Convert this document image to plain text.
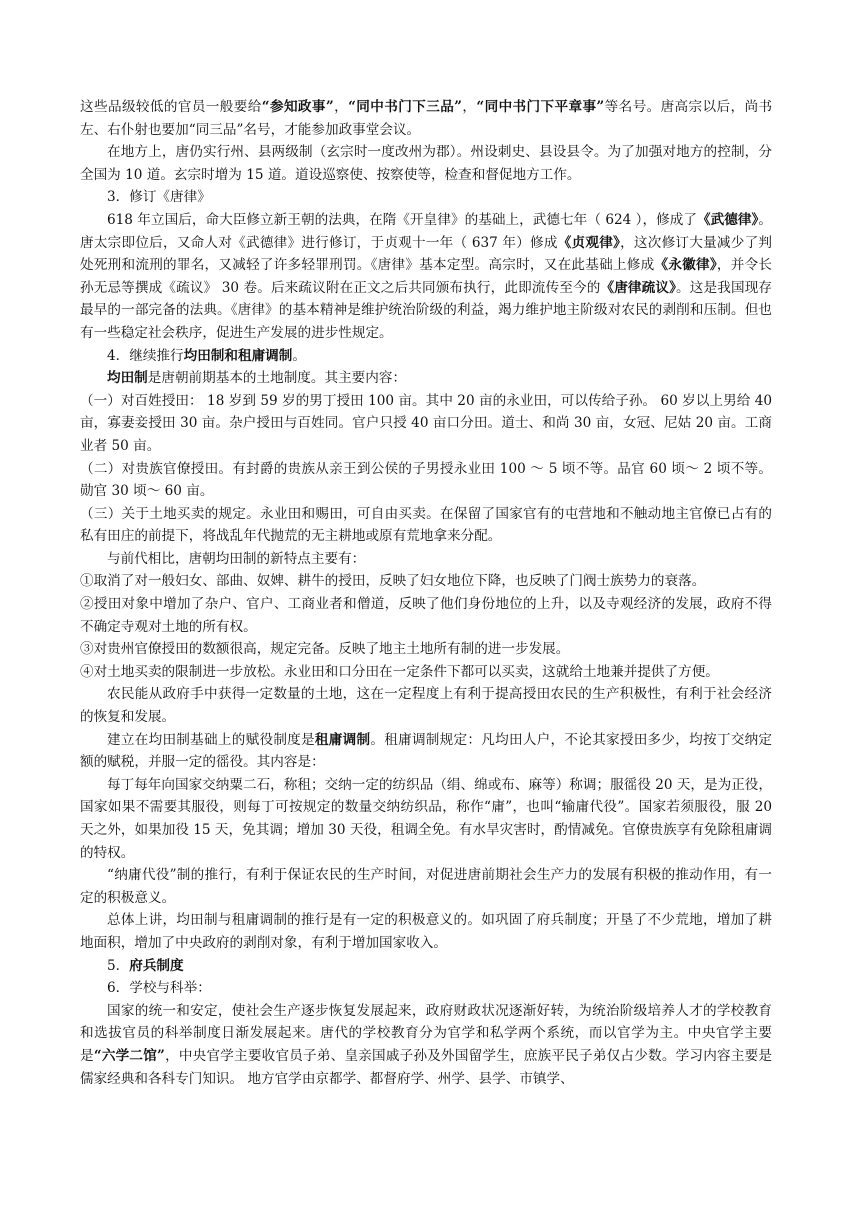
这些品级较低的官员一般要给“参知政事”，“同中书门下三品”，“同中书门下平章事”等名号。唐高宗以后，尚书左、右仆射也要加“同三品”名号，才能参加政事堂会议。

在地方上，唐仍实行州、县两级制（玄宗时一度改州为郡）。州设刺史、县设县令。为了加强对地方的控制，分全国为 10 道。玄宗时增为 15 道。道设巡察使、按察使等，检查和督促地方工作。

3．修订《唐律》

618 年立国后，命大臣修立新王朝的法典，在隋《开皇律》的基础上，武德七年（ 624 ），修成了《武德律》。唐太宗即位后，又命人对《武德律》进行修订，于贞观十一年（ 637 年）修成《贞观律》，这次修订大量减少了判处死刑和流刑的罪名，又减轻了许多轻罪刑罚。《唐律》基本定型。高宗时，又在此基础上修成《永徽律》，并令长孙无忌等撰成《疏议》 30 卷。后来疏议附在正文之后共同颁布执行，此即流传至今的《唐律疏议》。这是我国现存最早的一部完备的法典。《唐律》的基本精神是维护统治阶级的利益，竭力维护地主阶级对农民的剥削和压制。但也有一些稳定社会秩序，促进生产发展的进步性规定。

4．继续推行均田制和租庸调制。

均田制是唐朝前期基本的土地制度。其主要内容：

（一）对百姓授田： 18 岁到 59 岁的男丁授田 100 亩。其中 20 亩的永业田，可以传给子孙。 60 岁以上男给 40 亩，寡妻妾授田 30 亩。杂户授田与百姓同。官户只授 40 亩口分田。道士、和尚 30 亩，女冠、尼姑 20 亩。工商业者 50 亩。

（二）对贵族官僚授田。有封爵的贵族从亲王到公侯的子男授永业田 100 ～ 5 顷不等。品官 60 顷～ 2 顷不等。勋官 30 顷～ 60 亩。

（三）关于土地买卖的规定。永业田和赐田，可自由买卖。在保留了国家官有的屯营地和不触动地主官僚已占有的私有田庄的前提下，将战乱年代抛荒的无主耕地或原有荒地拿来分配。

与前代相比，唐朝均田制的新特点主要有：

①取消了对一般妇女、部曲、奴婢、耕牛的授田，反映了妇女地位下降，也反映了门阀士族势力的衰落。

②授田对象中增加了杂户、官户、工商业者和僧道，反映了他们身份地位的上升，以及寺观经济的发展，政府不得不确定寺观对土地的所有权。

③对贵州官僚授田的数额很高，规定完备。反映了地主土地所有制的进一步发展。

④对土地买卖的限制进一步放松。永业田和口分田在一定条件下都可以买卖，这就给土地兼并提供了方便。

农民能从政府手中获得一定数量的土地，这在一定程度上有利于提高授田农民的生产积极性，有利于社会经济的恢复和发展。

建立在均田制基础上的赋役制度是租庸调制。租庸调制规定：凡均田人户，不论其家授田多少，均按丁交纳定额的赋税，并服一定的徭役。其内容是：

每丁每年向国家交纳粟二石，称租；交纳一定的纺织品（绢、绵或布、麻等）称调；服徭役 20 天，是为正役，国家如果不需要其服役，则每丁可按规定的数量交纳纺织品，称作“庸”，也叫“输庸代役”。国家若须服役，服 20 天之外，如果加役 15 天，免其调；增加 30 天役，租调全免。有水旱灾害时，酌情减免。官僚贵族享有免除租庸调的特权。

“纳庸代役”制的推行，有利于保证农民的生产时间，对促进唐前期社会生产力的发展有积极的推动作用，有一定的积极意义。

总体上讲，均田制与租庸调制的推行是有一定的积极意义的。如巩固了府兵制度；开垦了不少荒地，增加了耕地面积，增加了中央政府的剥削对象，有利于增加国家收入。

5．府兵制度

6．学校与科举：

国家的统一和安定，使社会生产逐步恢复发展起来，政府财政状况逐渐好转，为统治阶级培养人才的学校教育和选拔官员的科举制度日渐发展起来。唐代的学校教育分为官学和私学两个系统，而以官学为主。中央官学主要是“六学二馆”，中央官学主要收官员子弟、皇亲国戚子孙及外国留学生，庶族平民子弟仅占少数。学习内容主要是儒家经典和各科专门知识。 地方官学由京都学、都督府学、州学、县学、市镇学、
